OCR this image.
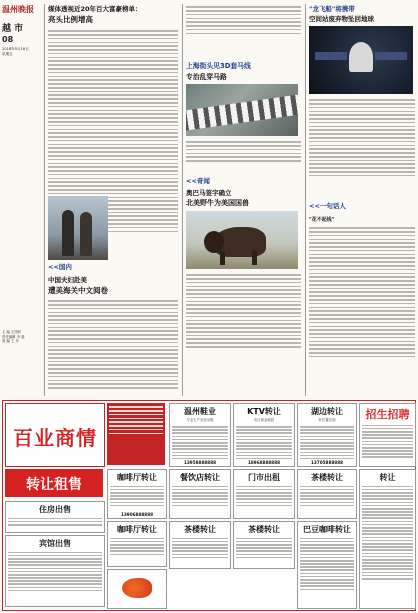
温州晚报
越 市
08
2018年5月18日
星期五
主 编 王国民
责任编辑 李 磊
美 编 王 东
媒体透视近20年百大富豪榜单：
亮头比例增高
<<国内
中国夫妇赴美
遭美海关中文阅卷
上海街头见3D套马线
专治乱穿马路
<<奇闻
奥巴马签字确立
北美野牛为美国国兽
"龙飞船"将携带
空间站废弃物坠回地球
<<一句话人
"花不起钱"
百业商情
转让租售
温州鞋业
专业生产各类女鞋
13958888888
KTV转让
市区黄金地段
18968888888
湖边转让
好位置店面
13705888888
招生招聘
住房出售
咖啡厅转让
13906888888
餐饮店转让	门市出租
咖啡厅转让
茶楼转让
宾馆出售
茶楼转让	茶楼转让	巴豆咖啡转让
转让
